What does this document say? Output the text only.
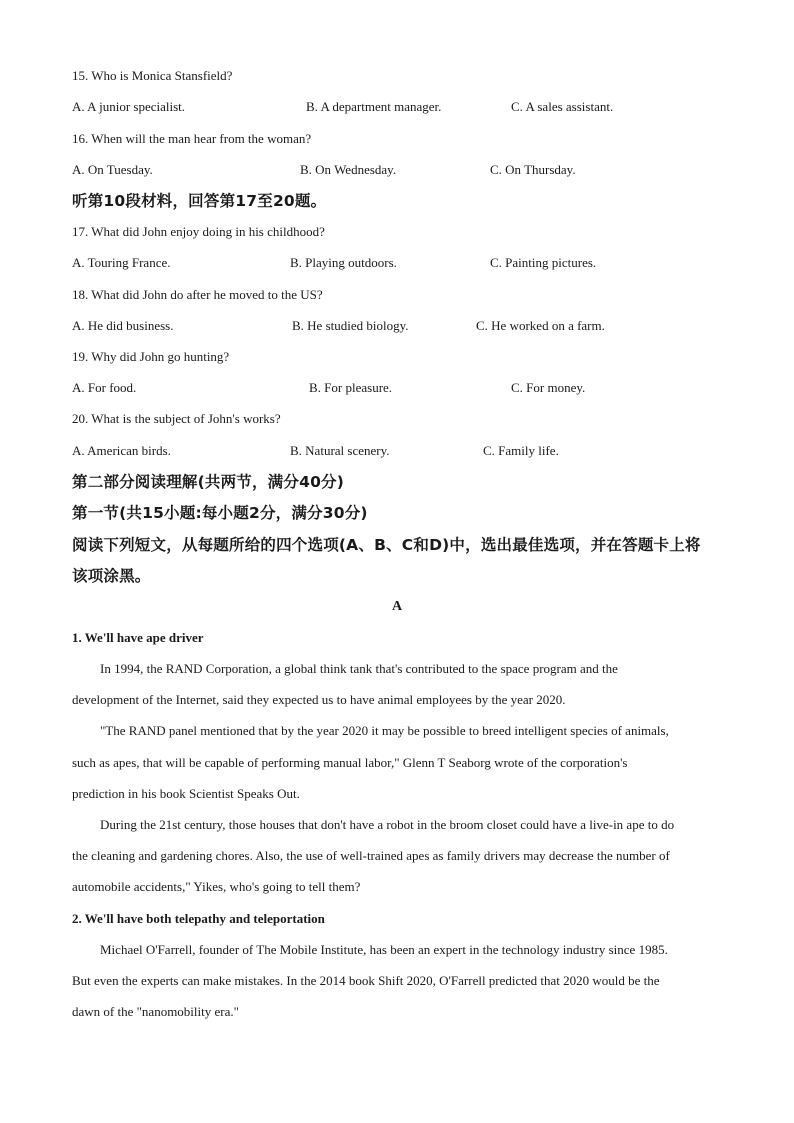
15. Who is Monica Stansfield?
A. A junior specialist.	B. A department manager.	C. A sales assistant.
16. When will the man hear from the woman?
A. On Tuesday.	B. On Wednesday.	C. On Thursday.
听第10段材料，回答第17至20题。
17. What did John enjoy doing in his childhood?
A. Touring France.	B. Playing outdoors.	C. Painting pictures.
18. What did John do after he moved to the US?
A. He did business.	B. He studied biology.	C. He worked on a farm.
19. Why did John go hunting?
A. For food.	B. For pleasure.	C. For money.
20. What is the subject of John's works?
A. American birds.	B. Natural scenery.	C. Family life.
第二部分阅读理解(共两节，满分40分)
第一节(共15小题:每小题2分，满分30分)
阅读下列短文，从每题所给的四个选项(A、B、C和D)中，选出最佳选项，并在答题卡上将
该项涂黑。
A
1. We'll have ape driver
In 1994, the RAND Corporation, a global think tank that's contributed to the space program and the
development of the Internet, said they expected us to have animal employees by the year 2020.
"The RAND panel mentioned that by the year 2020 it may be possible to breed intelligent species of animals,
such as apes, that will be capable of performing manual labor," Glenn T Seaborg wrote of the corporation's
prediction in his book Scientist Speaks Out.
During the 21st century, those houses that don't have a robot in the broom closet could have a live-in ape to do
the cleaning and gardening chores. Also, the use of well-trained apes as family drivers may decrease the number of
automobile accidents," Yikes, who's going to tell them?
2. We'll have both telepathy and teleportation
Michael O'Farrell, founder of The Mobile Institute, has been an expert in the technology industry since 1985.
But even the experts can make mistakes. In the 2014 book Shift 2020, O'Farrell predicted that 2020 would be the
dawn of the "nanomobility era."
